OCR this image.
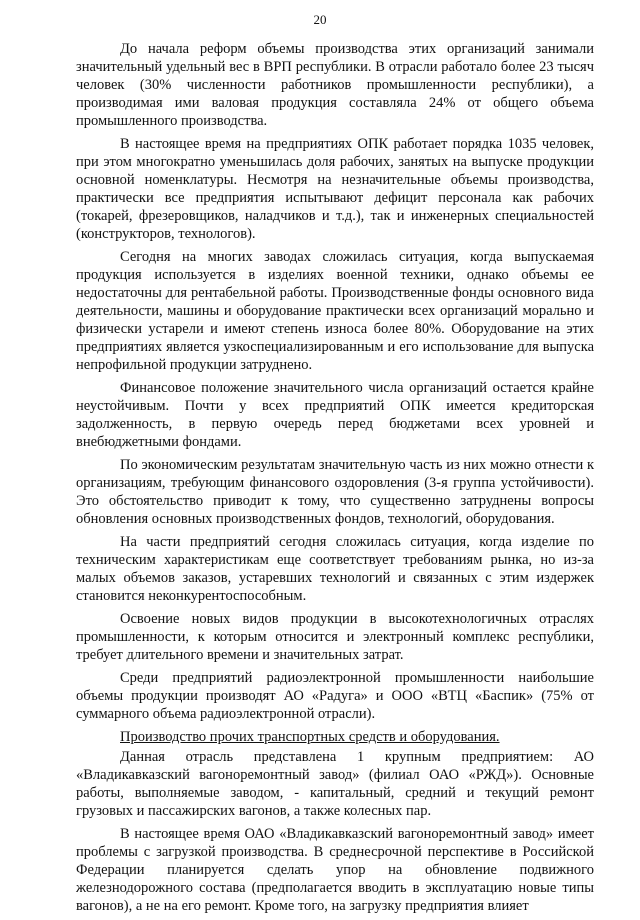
20

До начала реформ объемы производства этих организаций занимали значительный удельный вес в ВРП республики. В отрасли работало более 23 тысяч человек (30% численности работников промышленности республики), а производимая ими валовая продукция составляла 24% от общего объема промышленного производства.

В настоящее время на предприятиях ОПК работает порядка 1035 человек, при этом многократно уменьшилась доля рабочих, занятых на выпуске продукции основной номенклатуры. Несмотря на незначительные объемы производства, практически все предприятия испытывают дефицит персонала как рабочих (токарей, фрезеровщиков, наладчиков и т.д.), так и инженерных специальностей (конструкторов, технологов).

Сегодня на многих заводах сложилась ситуация, когда выпускаемая продукция используется в изделиях военной техники, однако объемы ее недостаточны для рентабельной работы. Производственные фонды основного вида деятельности, машины и оборудование практически всех организаций морально и физически устарели и имеют степень износа более 80%. Оборудование на этих предприятиях является узкоспециализированным и его использование для выпуска непрофильной продукции затруднено.

Финансовое положение значительного числа организаций остается крайне неустойчивым. Почти у всех предприятий ОПК имеется кредиторская задолженность, в первую очередь перед бюджетами всех уровней и внебюджетными фондами.

По экономическим результатам значительную часть из них можно отнести к организациям, требующим финансового оздоровления (3-я группа устойчивости). Это обстоятельство приводит к тому, что существенно затруднены вопросы обновления основных производственных фондов, технологий, оборудования.

На части предприятий сегодня сложилась ситуация, когда изделие по техническим характеристикам еще соответствует требованиям рынка, но из-за малых объемов заказов, устаревших технологий и связанных с этим издержек становится неконкурентоспособным.

Освоение новых видов продукции в высокотехнологичных отраслях промышленности, к которым относится и электронный комплекс республики, требует длительного времени и значительных затрат.

Среди предприятий радиоэлектронной промышленности наибольшие объемы продукции производят АО «Радуга» и ООО «ВТЦ «Баспик» (75% от суммарного объема радиоэлектронной отрасли).

Производство прочих транспортных средств и оборудования.

Данная отрасль представлена 1 крупным предприятием: АО «Владикавказский вагоноремонтный завод» (филиал ОАО «РЖД»). Основные работы, выполняемые заводом, - капитальный, средний и текущий ремонт грузовых и пассажирских вагонов, а также колесных пар.

В настоящее время ОАО «Владикавказский вагоноремонтный завод» имеет проблемы с загрузкой производства. В среднесрочной перспективе в Российской Федерации планируется сделать упор на обновление подвижного железнодорожного состава (предполагается вводить в эксплуатацию новые типы вагонов), а не на его ремонт. Кроме того, на загрузку предприятия влияет
